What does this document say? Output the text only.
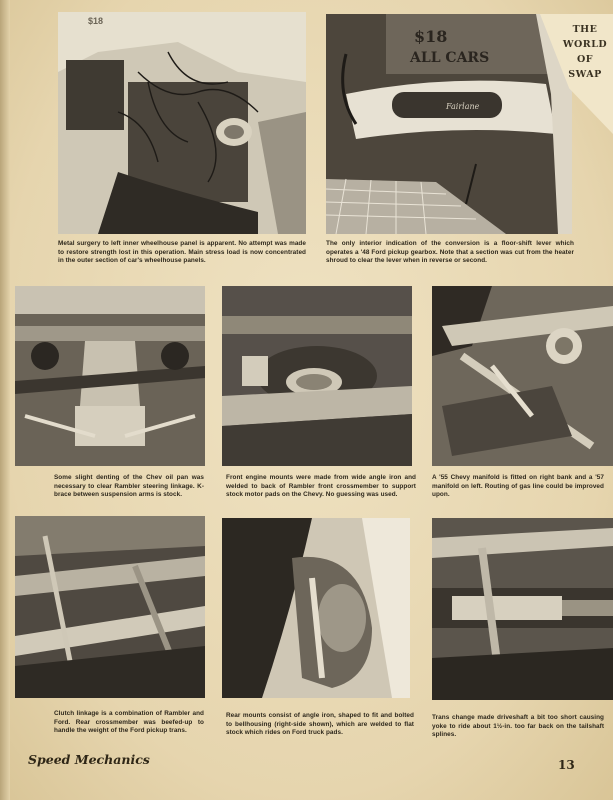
$18
Metal surgery to left inner wheelhouse panel is apparent. No attempt was made to restore strength lost in this operation. Main stress load is now concentrated in the outer section of car's wheelhouse panels.
$18
ALL CARS
Fairlane
The only interior indication of the conversion is a floor-shift lever which operates a '48 Ford pickup gearbox. Note that a section was cut from the heater shroud to clear the lever when in reverse or second.
THE
WORLD
OF
SWAP
Some slight denting of the Chev oil pan was necessary to clear Rambler steering linkage. K-brace between suspension arms is stock.
Front engine mounts were made from wide angle iron and welded to back of Rambler front crossmember to support stock motor pads on the Chevy. No guessing was used.
A '55 Chevy manifold is fitted on right bank and a '57 manifold on left. Routing of gas line could be improved upon.
Clutch linkage is a combination of Rambler and Ford. Rear crossmember was beefed-up to handle the weight of the Ford pickup trans.
Rear mounts consist of angle iron, shaped to fit and bolted to bellhousing (right-side shown), which are welded to flat stock which rides on Ford truck pads.
Trans change made driveshaft a bit too short causing yoke to ride about 1½-in. too far back on the tailshaft splines.
Speed Mechanics	13
